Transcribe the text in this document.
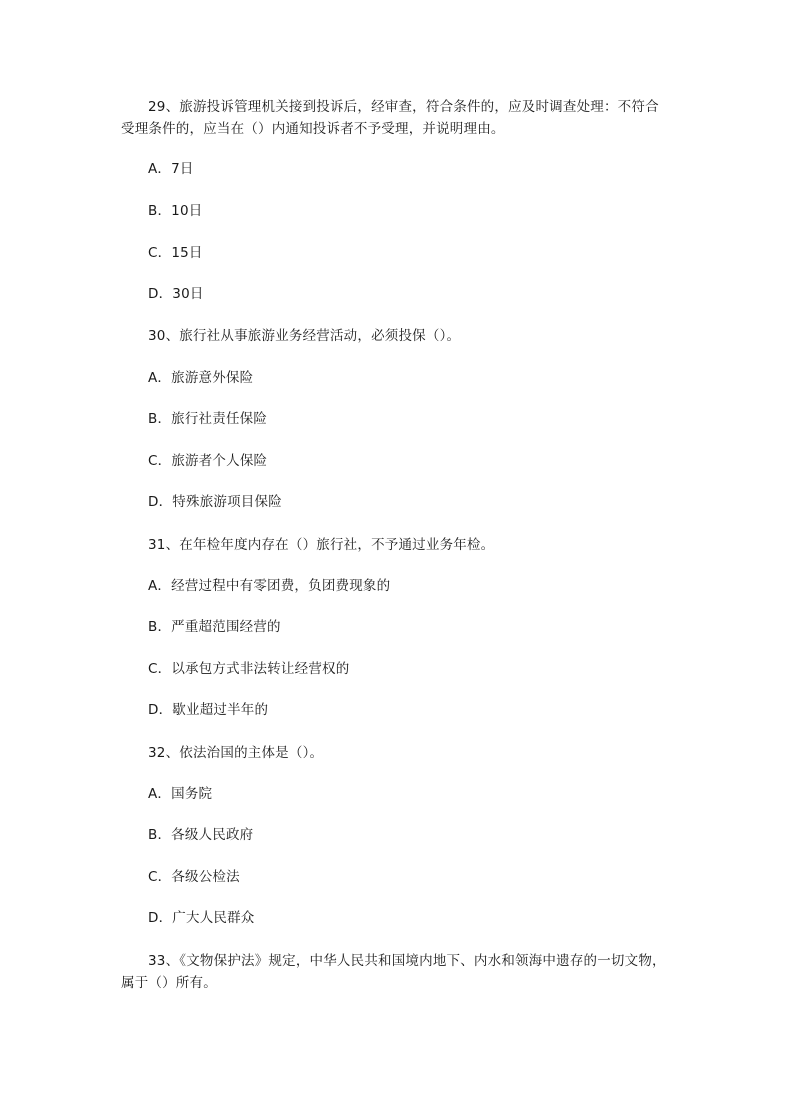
29、旅游投诉管理机关接到投诉后，经审查，符合条件的，应及时调查处理：不符合受理条件的，应当在（）内通知投诉者不予受理，并说明理由。

A．7日

B．10日

C．15日

D．30日

30、旅行社从事旅游业务经营活动，必须投保（）。

A．旅游意外保险

B．旅行社责任保险

C．旅游者个人保险

D．特殊旅游项目保险

31、在年检年度内存在（）旅行社，不予通过业务年检。

A．经营过程中有零团费，负团费现象的

B．严重超范围经营的

C．以承包方式非法转让经营权的

D．歇业超过半年的

32、依法治国的主体是（）。

A．国务院

B．各级人民政府

C．各级公检法

D．广大人民群众

33、《文物保护法》规定，中华人民共和国境内地下、内水和领海中遗存的一切文物，属于（）所有。
